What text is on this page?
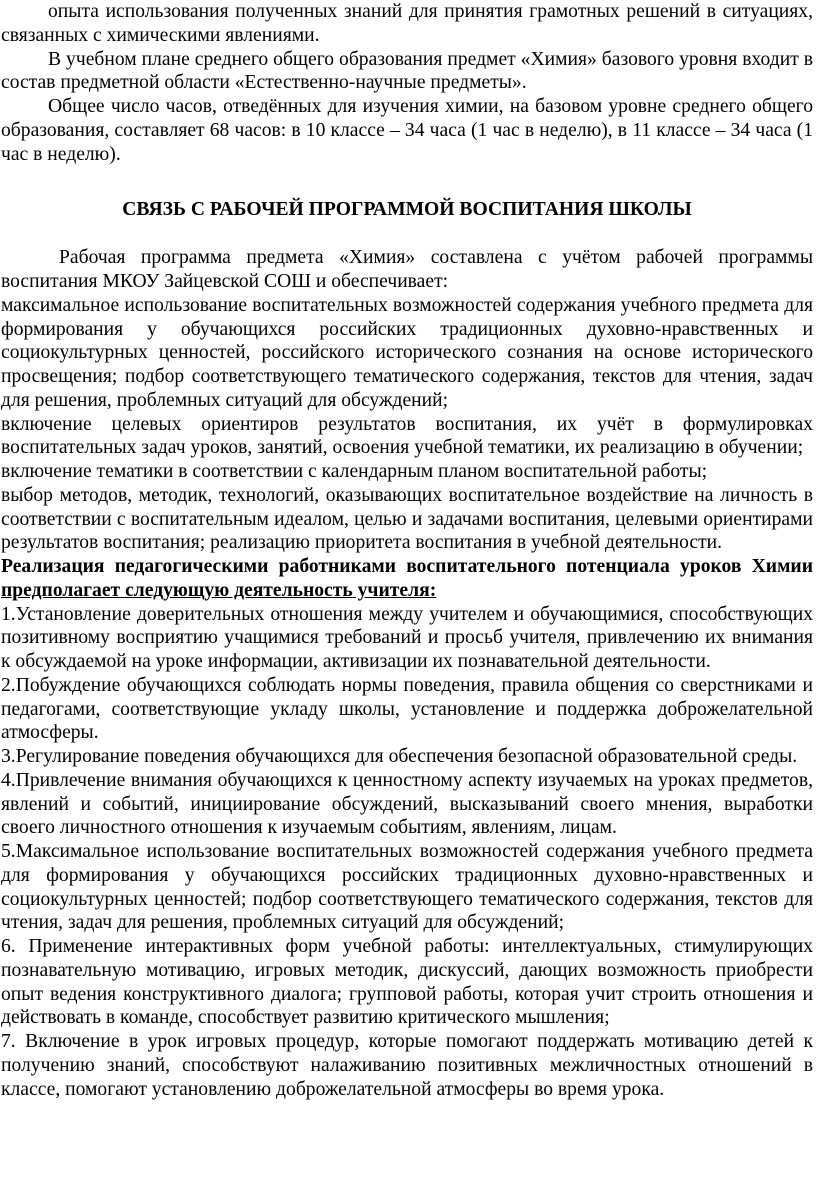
опыта использования полученных знаний для принятия грамотных решений в ситуациях, связанных с химическими явлениями.

В учебном плане среднего общего образования предмет «Химия» базового уровня входит в состав предметной области «Естественно-научные предметы».

Общее число часов, отведённых для изучения химии, на базовом уровне среднего общего образования, составляет 68 часов: в 10 классе – 34 часа (1 час в неделю), в 11 классе – 34 часа (1 час в неделю).

СВЯЗЬ С РАБОЧЕЙ ПРОГРАММОЙ ВОСПИТАНИЯ ШКОЛЫ

Рабочая программа предмета «Химия» составлена с учётом рабочей программы воспитания МКОУ Зайцевской СОШ и обеспечивает:

максимальное использование воспитательных возможностей содержания учебного предмета для формирования у обучающихся российских традиционных духовно-нравственных и социокультурных ценностей, российского исторического сознания на основе исторического просвещения; подбор соответствующего тематического содержания, текстов для чтения, задач для решения, проблемных ситуаций для обсуждений;

включение целевых ориентиров результатов воспитания, их учёт в формулировках воспитательных задач уроков, занятий, освоения учебной тематики, их реализацию в обучении;

включение тематики в соответствии с календарным планом воспитательной работы;

выбор методов, методик, технологий, оказывающих воспитательное воздействие на личность в соответствии с воспитательным идеалом, целью и задачами воспитания, целевыми ориентирами результатов воспитания; реализацию приоритета воспитания в учебной деятельности.

Реализация педагогическими работниками воспитательного потенциала уроков Химии предполагает следующую деятельность учителя:

1.Установление доверительных отношения между учителем и обучающимися, способствующих позитивному восприятию учащимися требований и просьб учителя, привлечению их внимания к обсуждаемой на уроке информации, активизации их познавательной деятельности.

2.Побуждение обучающихся соблюдать нормы поведения, правила общения со сверстниками и педагогами, соответствующие укладу школы, установление и поддержка доброжелательной атмосферы.

3.Регулирование поведения обучающихся для обеспечения безопасной образовательной среды.

4.Привлечение внимания обучающихся к ценностному аспекту изучаемых на уроках предметов, явлений и событий, инициирование обсуждений, высказываний своего мнения, выработки своего личностного отношения к изучаемым событиям, явлениям, лицам.

5.Максимальное использование воспитательных возможностей содержания учебного предмета для формирования у обучающихся российских традиционных духовно-нравственных и социокультурных ценностей; подбор соответствующего тематического содержания, текстов для чтения, задач для решения, проблемных ситуаций для обсуждений;

6. Применение интерактивных форм учебной работы: интеллектуальных, стимулирующих познавательную мотивацию, игровых методик, дискуссий, дающих возможность приобрести опыт ведения конструктивного диалога; групповой работы, которая учит строить отношения и действовать в команде, способствует развитию критического мышления;

7. Включение в урок игровых процедур, которые помогают поддержать мотивацию детей к получению знаний, способствуют налаживанию позитивных межличностных отношений в классе, помогают установлению доброжелательной атмосферы во время урока.
